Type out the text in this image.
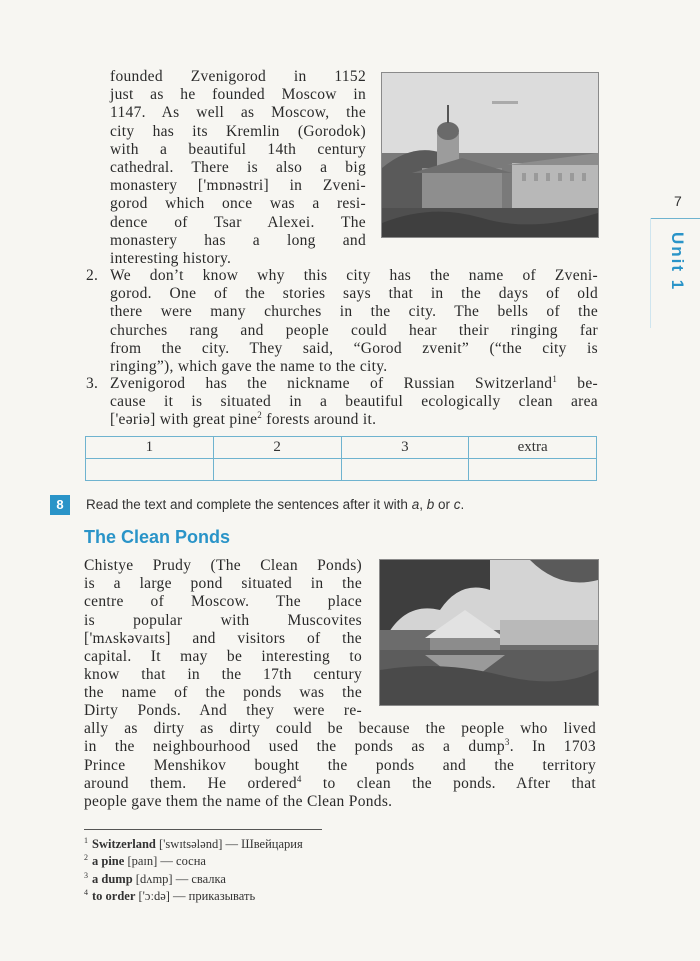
founded Zvenigorod in 1152
just as he founded Moscow in
1147. As well as Moscow, the
city has its Kremlin (Gorodok)
with a beautiful 14th century
cathedral. There is also a big
monastery ['mɒnəstri] in Zveni-
gorod which once was a resi-
dence of Tsar Alexei. The
monastery has a long and
interesting history.
2. We don’t know why this city has the name of Zveni-
gorod. One of the stories says that in the days of old
there were many churches in the city. The bells of the
churches rang and people could hear their ringing far
from the city. They said, “Gorod zvenit” (“the city is
ringing”), which gave the name to the city.
3. Zvenigorod has the nickname of Russian Switzerland$^1$ be-
cause it is situated in a beautiful ecologically clean area
['eəriə] with great pine$^2$ forests around it.
1	2	3	extra

8	Read the text and complete the sentences after it with a, b or c.
The Clean Ponds
Chistye Prudy (The Clean Ponds)
is a large pond situated in the
centre of Moscow. The place
is popular with Muscovites
['mʌskəvaɪts] and visitors of the
capital. It may be interesting to
know that in the 17th century
the name of the ponds was the
Dirty Ponds. And they were re-
ally as dirty as dirty could be because the people who lived
in the neighbourhood used the ponds as a dump$^3$. In 1703
Prince Menshikov bought the ponds and the territory
around them. He ordered$^4$ to clean the ponds. After that
people gave them the name of the Clean Ponds.
$^1$ Switzerland ['swɪtsələnd] — Швейцария
$^2$ a pine [paɪn] — сосна
$^3$ a dump [dʌmp] — свалка
$^4$ to order ['ɔːdə] — приказывать
7
Unit 1
